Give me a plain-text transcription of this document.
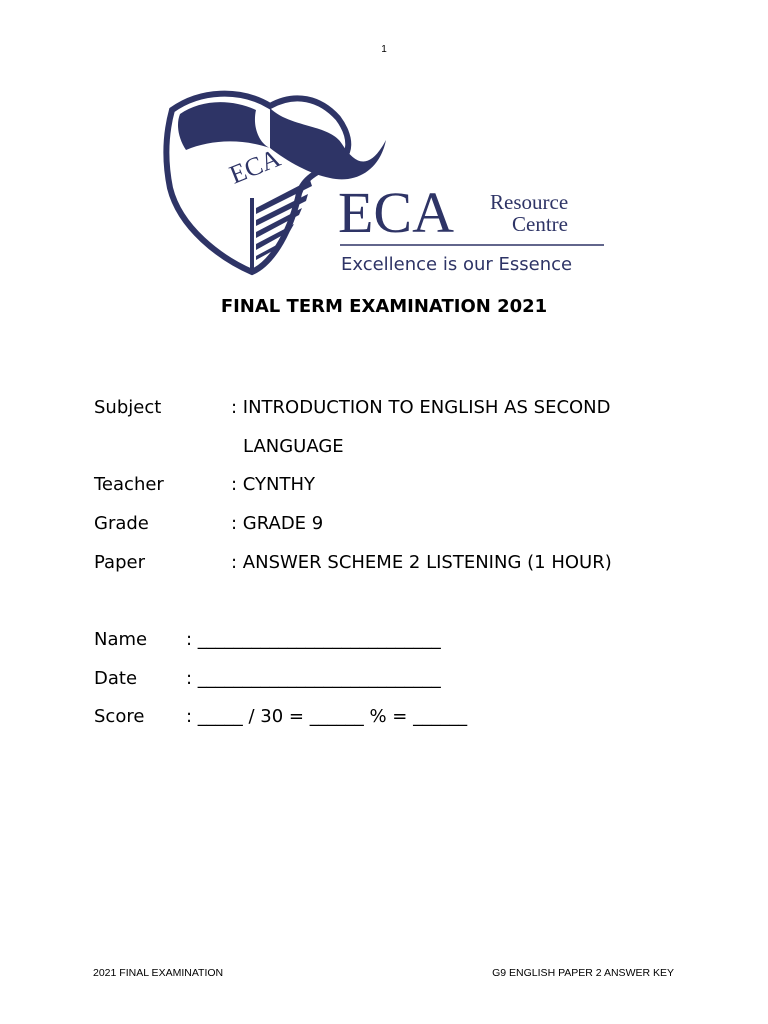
1
ECA
ECA Resource
Centre
Excellence is our Essence
FINAL TERM EXAMINATION 2021
Subject	: INTRODUCTION TO ENGLISH AS SECOND
LANGUAGE
Teacher	: CYNTHY
Grade	: GRADE 9
Paper	: ANSWER SCHEME 2 LISTENING (1 HOUR)
Name : ___________________________
Date	: ___________________________
Score : _____ / 30 = ______ % = ______
2021 FINAL EXAMINATION	G9 ENGLISH PAPER 2 ANSWER KEY
